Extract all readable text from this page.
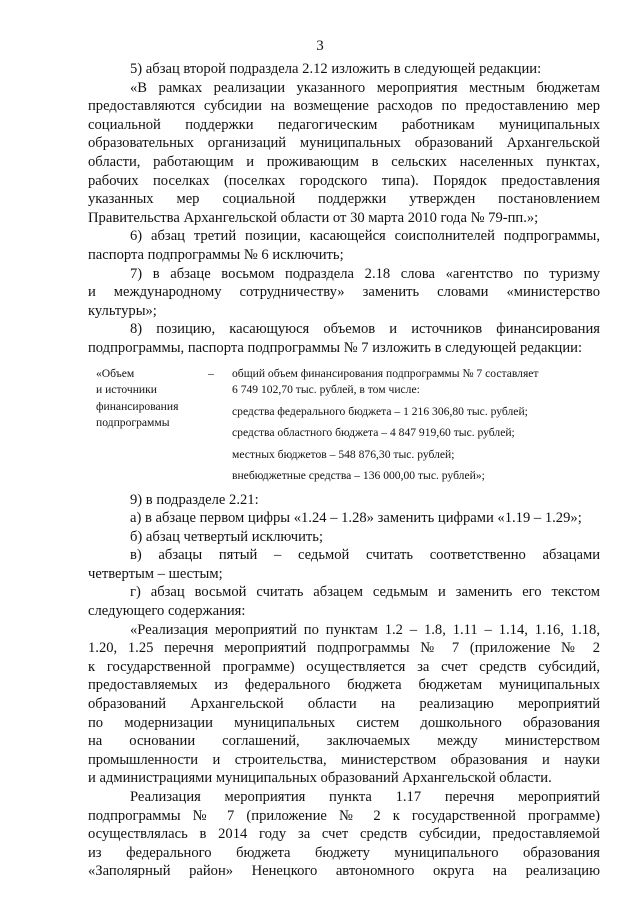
3
5) абзац второй подраздела 2.12 изложить в следующей редакции:
«В рамках реализации указанного мероприятия местным бюджетам
предоставляются субсидии на возмещение расходов по предоставлению мер
социальной поддержки педагогическим работникам муниципальных
образовательных организаций муниципальных образований Архангельской
области, работающим и проживающим в сельских населенных пунктах,
рабочих поселках (поселках городского типа). Порядок предоставления
указанных мер социальной поддержки утвержден постановлением
Правительства Архангельской области от 30 марта 2010 года № 79-пп.»;
6) абзац третий позиции, касающейся соисполнителей подпрограммы,
паспорта подпрограммы № 6 исключить;
7) в абзаце восьмом подраздела 2.18 слова «агентство по туризму
и международному сотрудничеству» заменить словами «министерство
культуры»;
8) позицию, касающуюся объемов и источников финансирования
подпрограммы, паспорта подпрограммы № 7 изложить в следующей редакции:
«Объем
и источники
финансирования
подпрограммы
– общий объем финансирования подпрограммы № 7 составляет
6 749 102,70 тыс. рублей, в том числе:
средства федерального бюджета – 1 216 306,80 тыс. рублей;
средства областного бюджета – 4 847 919,60 тыс. рублей;
местных бюджетов – 548 876,30 тыс. рублей;
внебюджетные средства – 136 000,00 тыс. рублей»;
9) в подразделе 2.21:
а) в абзаце первом цифры «1.24 – 1.28» заменить цифрами «1.19 – 1.29»;
б) абзац четвертый исключить;
в) абзацы пятый – седьмой считать соответственно абзацами
четвертым – шестым;
г) абзац восьмой считать абзацем седьмым и заменить его текстом
следующего содержания:
«Реализация мероприятий по пунктам 1.2 – 1.8, 1.11 – 1.14, 1.16, 1.18,
1.20, 1.25 перечня мероприятий подпрограммы № 7 (приложение № 2
к государственной программе) осуществляется за счет средств субсидий,
предоставляемых из федерального бюджета бюджетам муниципальных
образований Архангельской области на реализацию мероприятий
по модернизации муниципальных систем дошкольного образования
на основании соглашений, заключаемых между министерством
промышленности и строительства, министерством образования и науки
и администрациями муниципальных образований Архангельской области.
Реализация мероприятия пункта 1.17 перечня мероприятий
подпрограммы № 7 (приложение № 2 к государственной программе)
осуществлялась в 2014 году за счет средств субсидии, предоставляемой
из федерального бюджета бюджету муниципального образования
«Заполярный район» Ненецкого автономного округа на реализацию
